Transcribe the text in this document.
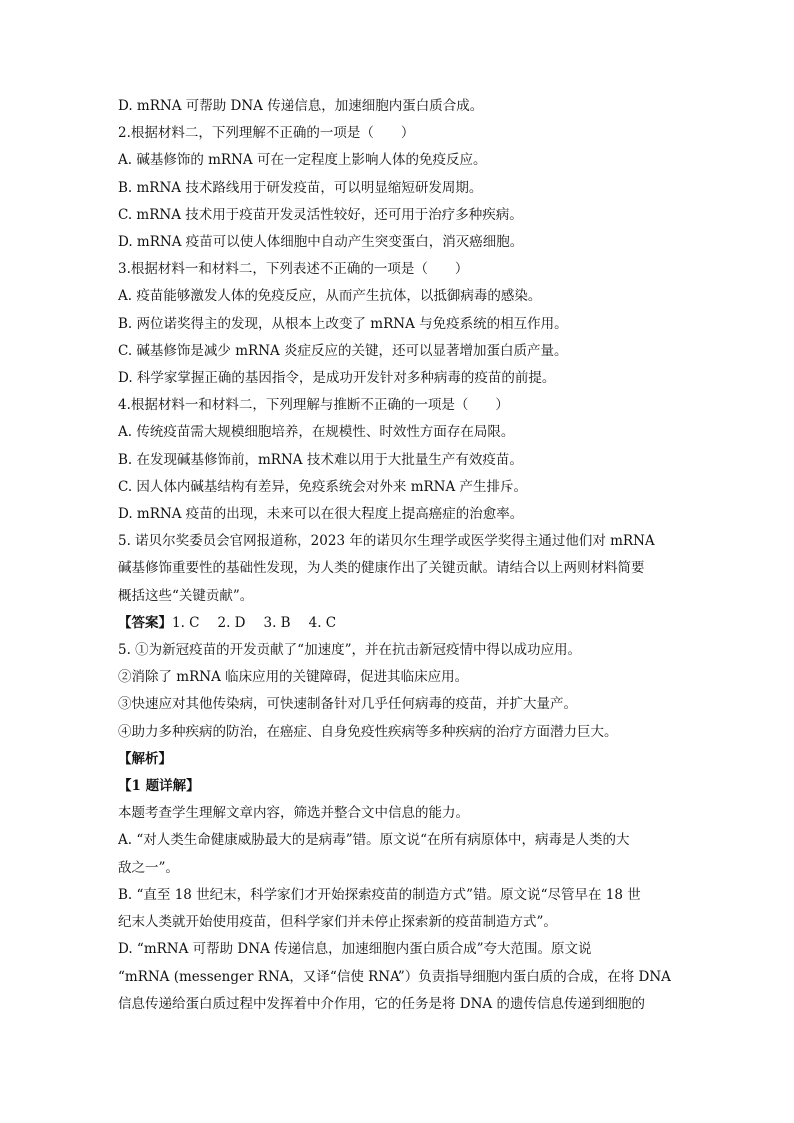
D. mRNA 可帮助 DNA 传递信息，加速细胞内蛋白质合成。

2.根据材料二，下列理解不正确的一项是（　　）

A. 碱基修饰的 mRNA 可在一定程度上影响人体的免疫反应。

B. mRNA 技术路线用于研发疫苗，可以明显缩短研发周期。

C. mRNA 技术用于疫苗开发灵活性较好，还可用于治疗多种疾病。

D. mRNA 疫苗可以使人体细胞中自动产生突变蛋白，消灭癌细胞。

3.根据材料一和材料二，下列表述不正确的一项是（　　）

A. 疫苗能够激发人体的免疫反应，从而产生抗体，以抵御病毒的感染。

B. 两位诺奖得主的发现，从根本上改变了 mRNA 与免疫系统的相互作用。

C. 碱基修饰是减少 mRNA 炎症反应的关键，还可以显著增加蛋白质产量。

D. 科学家掌握正确的基因指令，是成功开发针对多种病毒的疫苗的前提。

4.根据材料一和材料二，下列理解与推断不正确的一项是（　　）

A. 传统疫苗需大规模细胞培养，在规模性、时效性方面存在局限。

B. 在发现碱基修饰前，mRNA 技术难以用于大批量生产有效疫苗。

C. 因人体内碱基结构有差异，免疫系统会对外来 mRNA 产生排斥。

D. mRNA 疫苗的出现，未来可以在很大程度上提高癌症的治愈率。

5. 诺贝尔奖委员会官网报道称，2023 年的诺贝尔生理学或医学奖得主通过他们对 mRNA

碱基修饰重要性的基础性发现，为人类的健康作出了关键贡献。请结合以上两则材料简要

概括这些“关键贡献”。

【答案】1. C 2. D 3. B 4. C

5. ①为新冠疫苗的开发贡献了“加速度”，并在抗击新冠疫情中得以成功应用。

②消除了 mRNA 临床应用的关键障碍，促进其临床应用。

③快速应对其他传染病，可快速制备针对几乎任何病毒的疫苗，并扩大量产。

④助力多种疾病的防治，在癌症、自身免疫性疾病等多种疾病的治疗方面潜力巨大。

【解析】

【1 题详解】

本题考查学生理解文章内容，筛选并整合文中信息的能力。

A. “对人类生命健康威胁最大的是病毒”错。原文说“在所有病原体中，病毒是人类的大

敌之一”。

B. “直至 18 世纪末，科学家们才开始探索疫苗的制造方式”错。原文说“尽管早在 18 世

纪末人类就开始使用疫苗，但科学家们并未停止探索新的疫苗制造方式”。

D. “mRNA 可帮助 DNA 传递信息，加速细胞内蛋白质合成”夸大范围。原文说

“mRNA (messenger RNA，又译“信使 RNA”）负责指导细胞内蛋白质的合成，在将 DNA

信息传递给蛋白质过程中发挥着中介作用，它的任务是将 DNA 的遗传信息传递到细胞的
